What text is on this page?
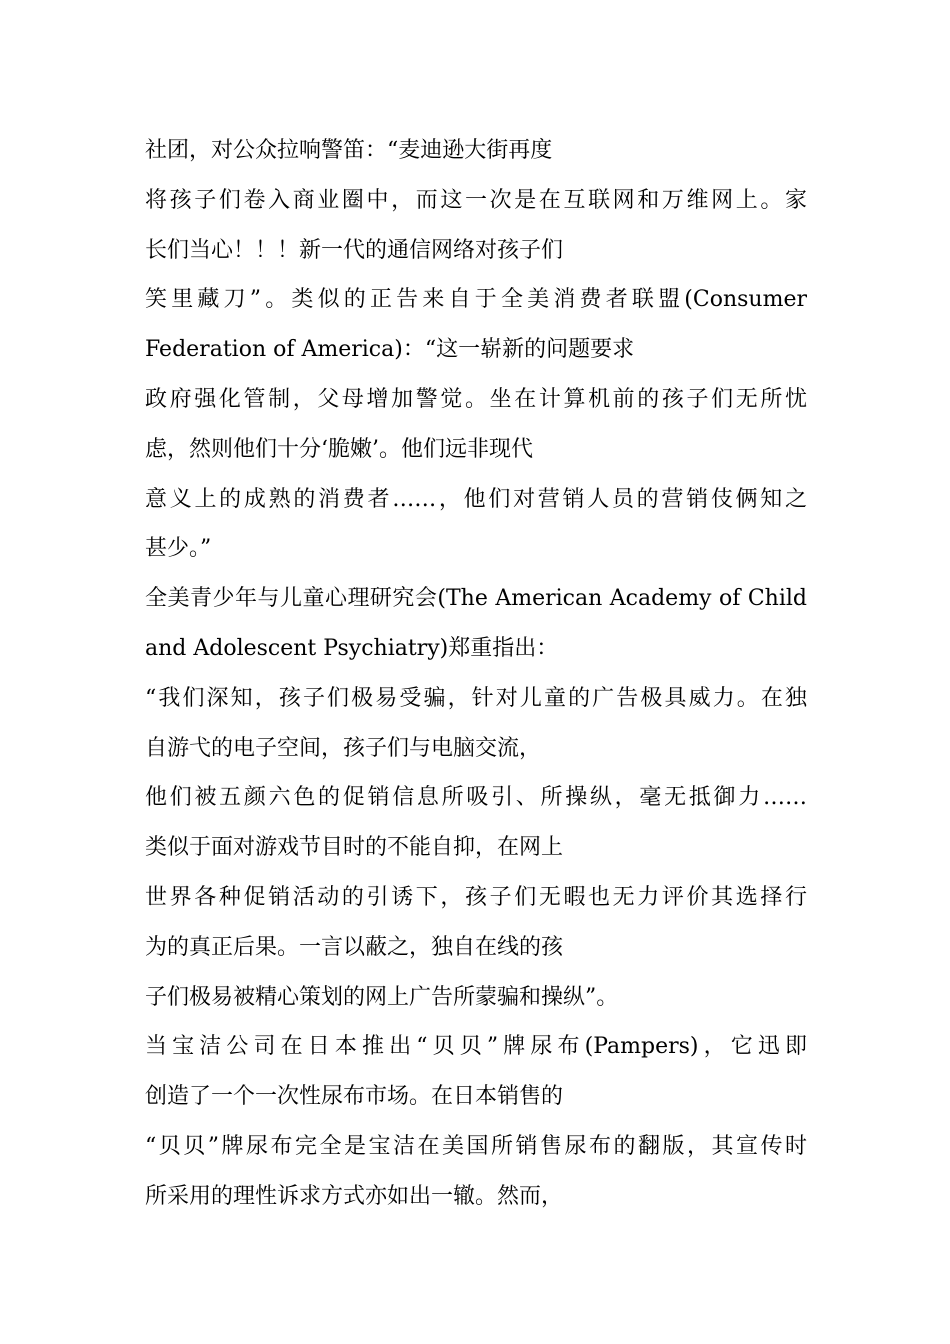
社团，对公众拉响警笛：“麦迪逊大街再度
将孩子们卷入商业圈中，而这一次是在互联网和万维网上。家
长们当心！！！新一代的通信网络对孩子们
笑里藏刀”。类似的正告来自于全美消费者联盟(Consumer
Federation of America)：“这一崭新的问题要求
政府强化管制，父母增加警觉。坐在计算机前的孩子们无所忧
虑，然则他们十分‘脆嫩’。他们远非现代
意义上的成熟的消费者……，他们对营销人员的营销伎俩知之
甚少。”
全美青少年与儿童心理研究会(The American Academy of Child
and Adolescent Psychiatry)郑重指出：
“我们深知，孩子们极易受骗，针对儿童的广告极具威力。在独
自游弋的电子空间，孩子们与电脑交流，
他们被五颜六色的促销信息所吸引、所操纵，毫无抵御力……
类似于面对游戏节目时的不能自抑，在网上
世界各种促销活动的引诱下，孩子们无暇也无力评价其选择行
为的真正后果。一言以蔽之，独自在线的孩
子们极易被精心策划的网上广告所蒙骗和操纵”。
当宝洁公司在日本推出“贝贝”牌尿布(Pampers)，它迅即
创造了一个一次性尿布市场。在日本销售的
“贝贝”牌尿布完全是宝洁在美国所销售尿布的翻版，其宣传时
所采用的理性诉求方式亦如出一辙。然而，
